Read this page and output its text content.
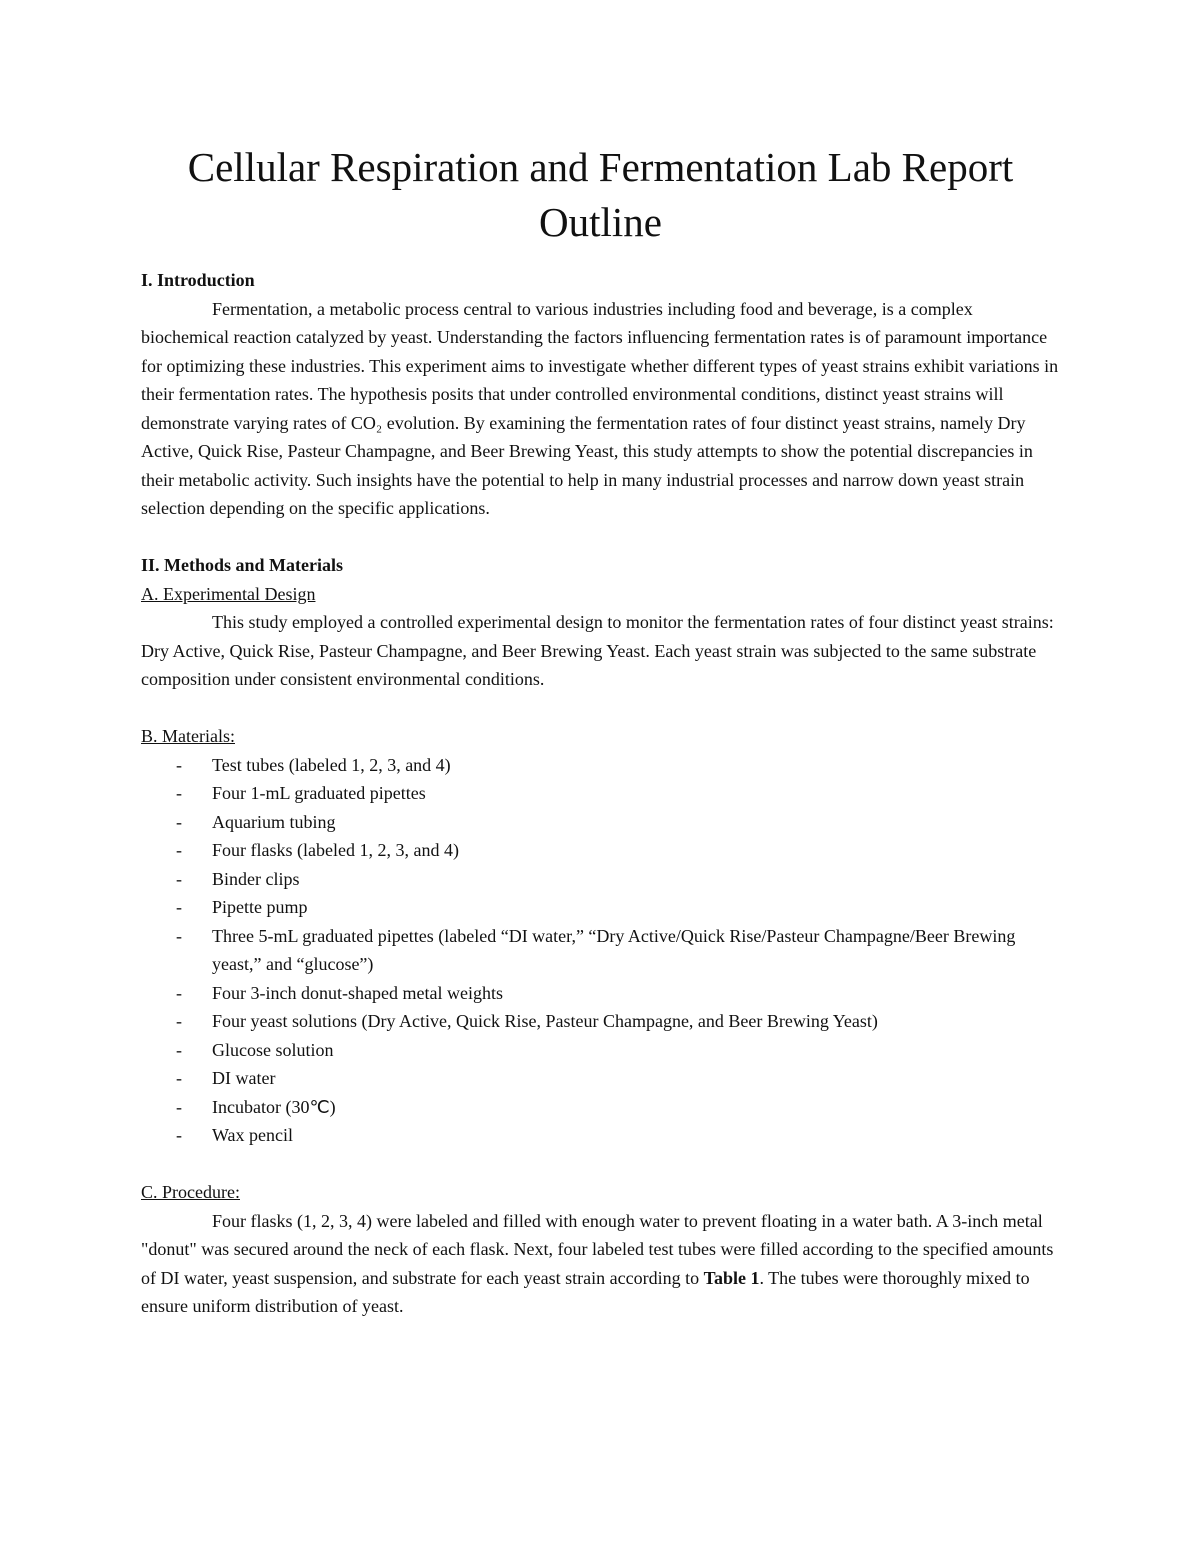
Cellular Respiration and Fermentation Lab Report Outline

I. Introduction

Fermentation, a metabolic process central to various industries including food and beverage, is a complex biochemical reaction catalyzed by yeast. Understanding the factors influencing fermentation rates is of paramount importance for optimizing these industries. This experiment aims to investigate whether different types of yeast strains exhibit variations in their fermentation rates. The hypothesis posits that under controlled environmental conditions, distinct yeast strains will demonstrate varying rates of CO₂ evolution. By examining the fermentation rates of four distinct yeast strains, namely Dry Active, Quick Rise, Pasteur Champagne, and Beer Brewing Yeast, this study attempts to show the potential discrepancies in their metabolic activity. Such insights have the potential to help in many industrial processes and narrow down yeast strain selection depending on the specific applications.

II. Methods and Materials

A. Experimental Design

This study employed a controlled experimental design to monitor the fermentation rates of four distinct yeast strains: Dry Active, Quick Rise, Pasteur Champagne, and Beer Brewing Yeast. Each yeast strain was subjected to the same substrate composition under consistent environmental conditions.

B. Materials:

- Test tubes (labeled 1, 2, 3, and 4)
- Four 1-mL graduated pipettes
- Aquarium tubing
- Four flasks (labeled 1, 2, 3, and 4)
- Binder clips
- Pipette pump
- Three 5-mL graduated pipettes (labeled “DI water,” “Dry Active/Quick Rise/Pasteur Champagne/Beer Brewing yeast,” and “glucose”)
- Four 3-inch donut-shaped metal weights
- Four yeast solutions (Dry Active, Quick Rise, Pasteur Champagne, and Beer Brewing Yeast)
- Glucose solution
- DI water
- Incubator (30℃)
- Wax pencil

C. Procedure:

Four flasks (1, 2, 3, 4) were labeled and filled with enough water to prevent floating in a water bath. A 3-inch metal "donut" was secured around the neck of each flask. Next, four labeled test tubes were filled according to the specified amounts of DI water, yeast suspension, and substrate for each yeast strain according to Table 1. The tubes were thoroughly mixed to ensure uniform distribution of yeast.
